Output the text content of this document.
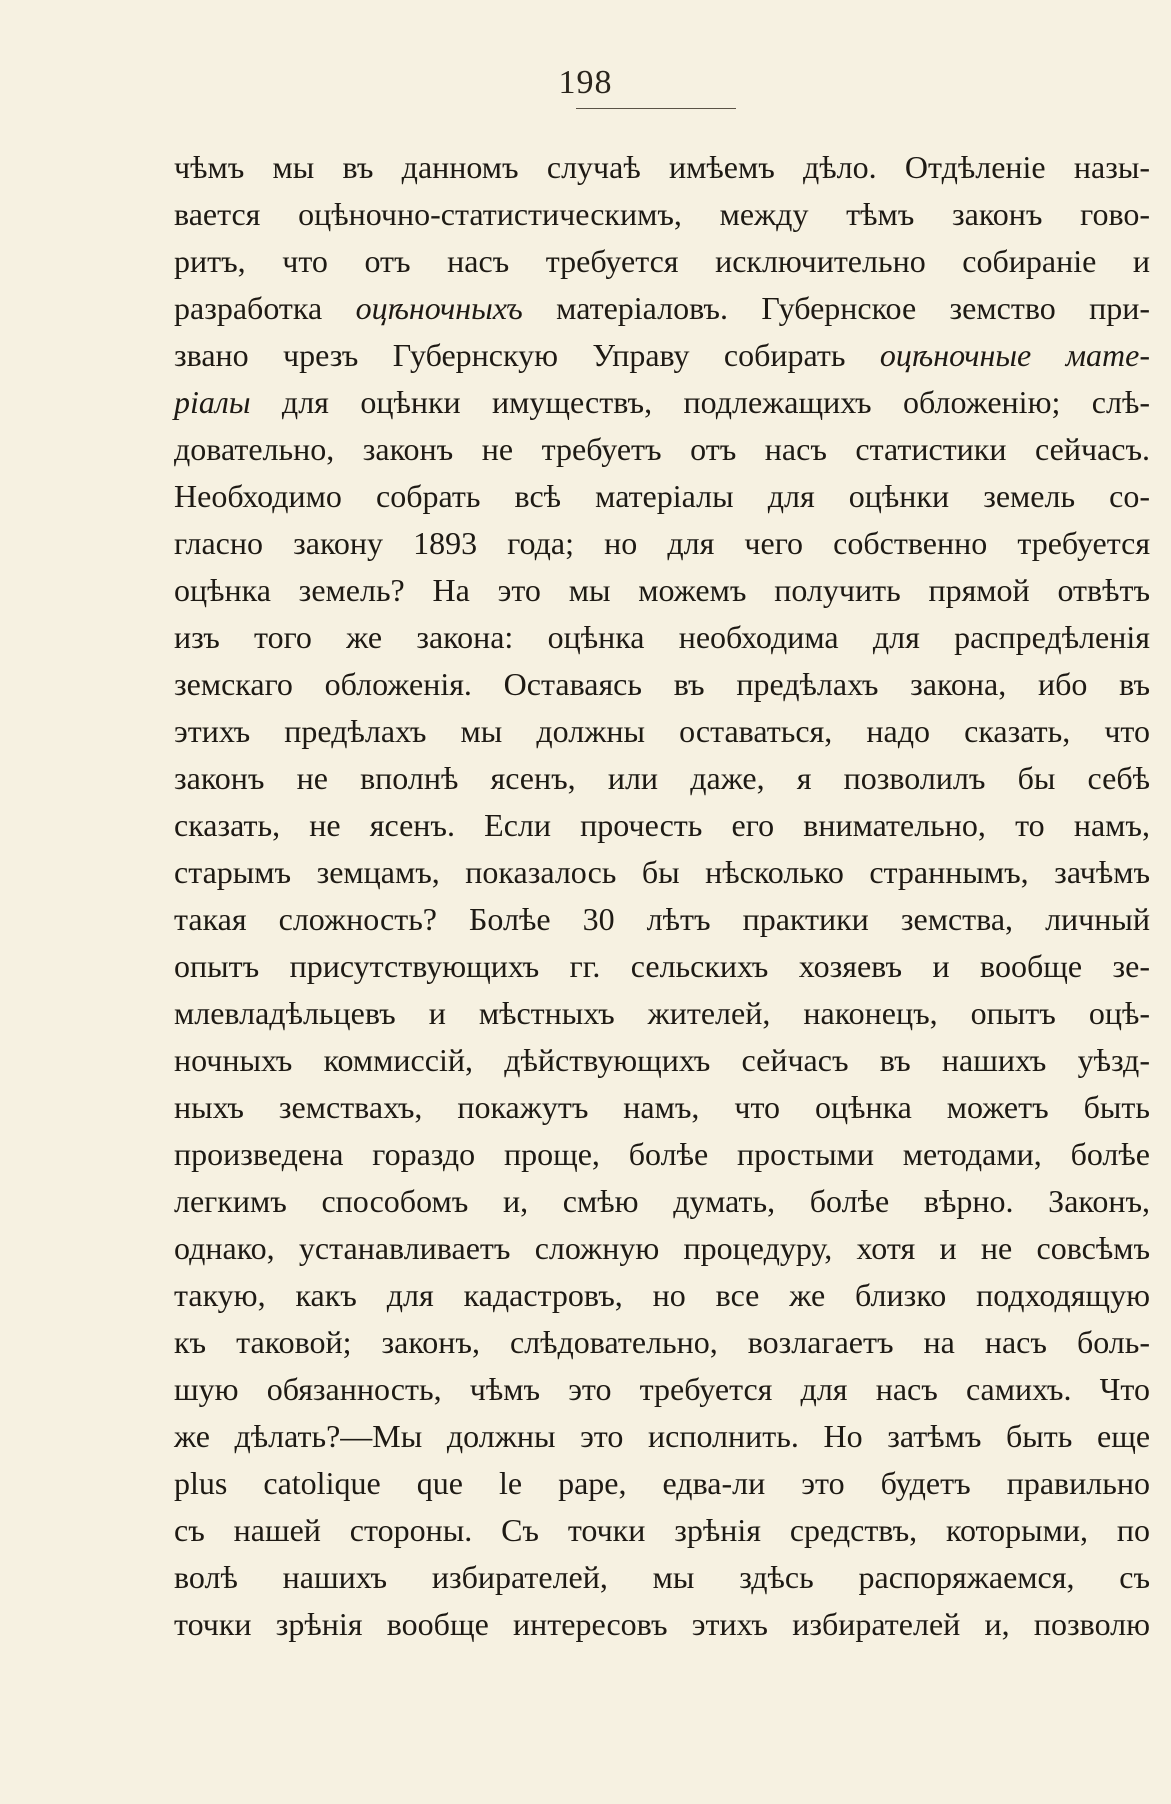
198
чѣмъ мы въ данномъ случаѣ имѣемъ дѣло. Отдѣленіе назы-
вается оцѣночно-статистическимъ, между тѣмъ законъ гово-
ритъ, что отъ насъ требуется исключительно собираніе и
разработка оцѣночныхъ матеріаловъ. Губернское земство при-
звано чрезъ Губернскую Управу собирать оцѣночные мате-
ріалы для оцѣнки имуществъ, подлежащихъ обложенію; слѣ-
довательно, законъ не требуетъ отъ насъ статистики сейчасъ.
Необходимо собрать всѣ матеріалы для оцѣнки земель со-
гласно закону 1893 года; но для чего собственно требуется
оцѣнка земель? На это мы можемъ получить прямой отвѣтъ
изъ того же закона: оцѣнка необходима для распредѣленія
земскаго обложенія. Оставаясь въ предѣлахъ закона, ибо въ
этихъ предѣлахъ мы должны оставаться, надо сказать, что
законъ не вполнѣ ясенъ, или даже, я позволилъ бы себѣ
сказать, не ясенъ. Если прочесть его внимательно, то намъ,
старымъ земцамъ, показалось бы нѣсколько страннымъ, зачѣмъ
такая сложность? Болѣе 30 лѣтъ практики земства, личный
опытъ присутствующихъ гг. сельскихъ хозяевъ и вообще зе-
млевладѣльцевъ и мѣстныхъ жителей, наконецъ, опытъ оцѣ-
ночныхъ коммиссій, дѣйствующихъ сейчасъ въ нашихъ уѣзд-
ныхъ земствахъ, покажутъ намъ, что оцѣнка можетъ быть
произведена гораздо проще, болѣе простыми методами, болѣе
легкимъ способомъ и, смѣю думать, болѣе вѣрно. Законъ,
однако, устанавливаетъ сложную процедуру, хотя и не совсѣмъ
такую, какъ для кадастровъ, но все же близко подходящую
къ таковой; законъ, слѣдовательно, возлагаетъ на насъ боль-
шую обязанность, чѣмъ это требуется для насъ самихъ. Что
же дѣлать?—Мы должны это исполнить. Но затѣмъ быть еще
plus catolique que le pape, едва-ли это будетъ правильно
съ нашей стороны. Съ точки зрѣнія средствъ, которыми, по
волѣ нашихъ избирателей, мы здѣсь распоряжаемся, съ
точки зрѣнія вообще интересовъ этихъ избирателей и, позволю
